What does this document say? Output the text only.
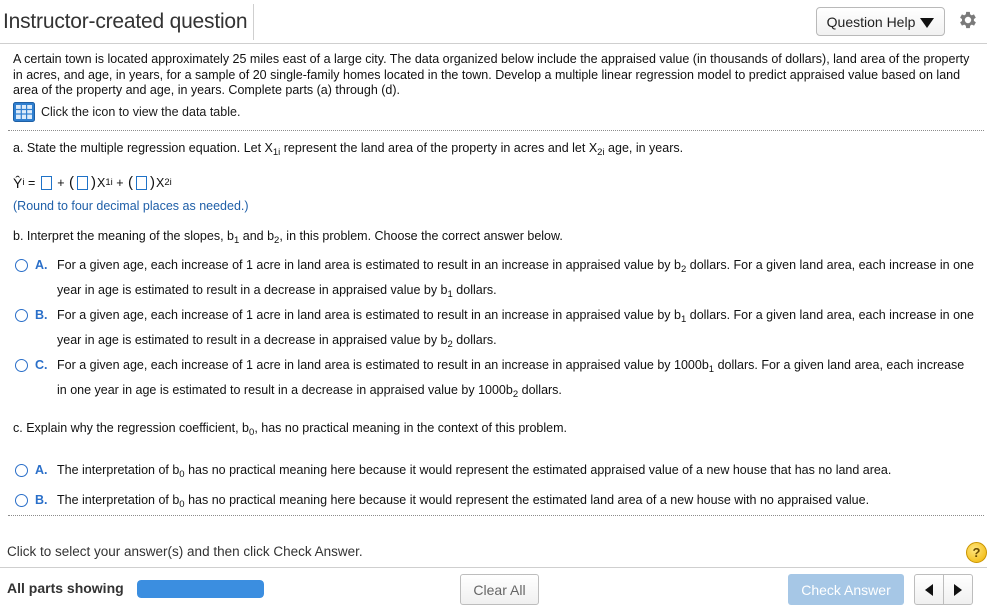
Instructor-created question	Question Help

A certain town is located approximately 25 miles east of a large city. The data organized below include the appraised value (in thousands of dollars), land area of the property in acres, and age, in years, for a sample of 20 single-family homes located in the town. Develop a multiple linear regression model to predict appraised value based on land area of the property and age, in years. Complete parts (a) through (d).

Click the icon to view the data table.
a. State the multiple regression equation. Let $X_{1i}$ represent the land area of the property in acres and let $X_{2i}$ age, in years.
Ŷ i = + ( ) X 1i + ( ) X 2i
(Round to four decimal places as needed.)
b. Interpret the meaning of the slopes, $b_1$ and $b_2$, in this problem. Choose the correct answer below.
A. For a given age, each increase of 1 acre in land area is estimated to result in an increase in appraised value by $b_2$ dollars. For a given land area, each increase in one year in age is estimated to result in a decrease in appraised value by $b_1$ dollars.
B. For a given age, each increase of 1 acre in land area is estimated to result in an increase in appraised value by $b_1$ dollars. For a given land area, each increase in one year in age is estimated to result in a decrease in appraised value by $b_2$ dollars.
C. For a given age, each increase of 1 acre in land area is estimated to result in an increase in appraised value by $1000b_1$ dollars. For a given land area, each increase in one year in age is estimated to result in a decrease in appraised value by $1000b_2$ dollars.
c. Explain why the regression coefficient, $b_0$, has no practical meaning in the context of this problem.
A. The interpretation of $b_0$ has no practical meaning here because it would represent the estimated appraised value of a new house that has no land area.
B. The interpretation of $b_0$ has no practical meaning here because it would represent the estimated land area of a new house with no appraised value.
Click to select your answer(s) and then click Check Answer.	?
All parts showing	Clear All	Check Answer
